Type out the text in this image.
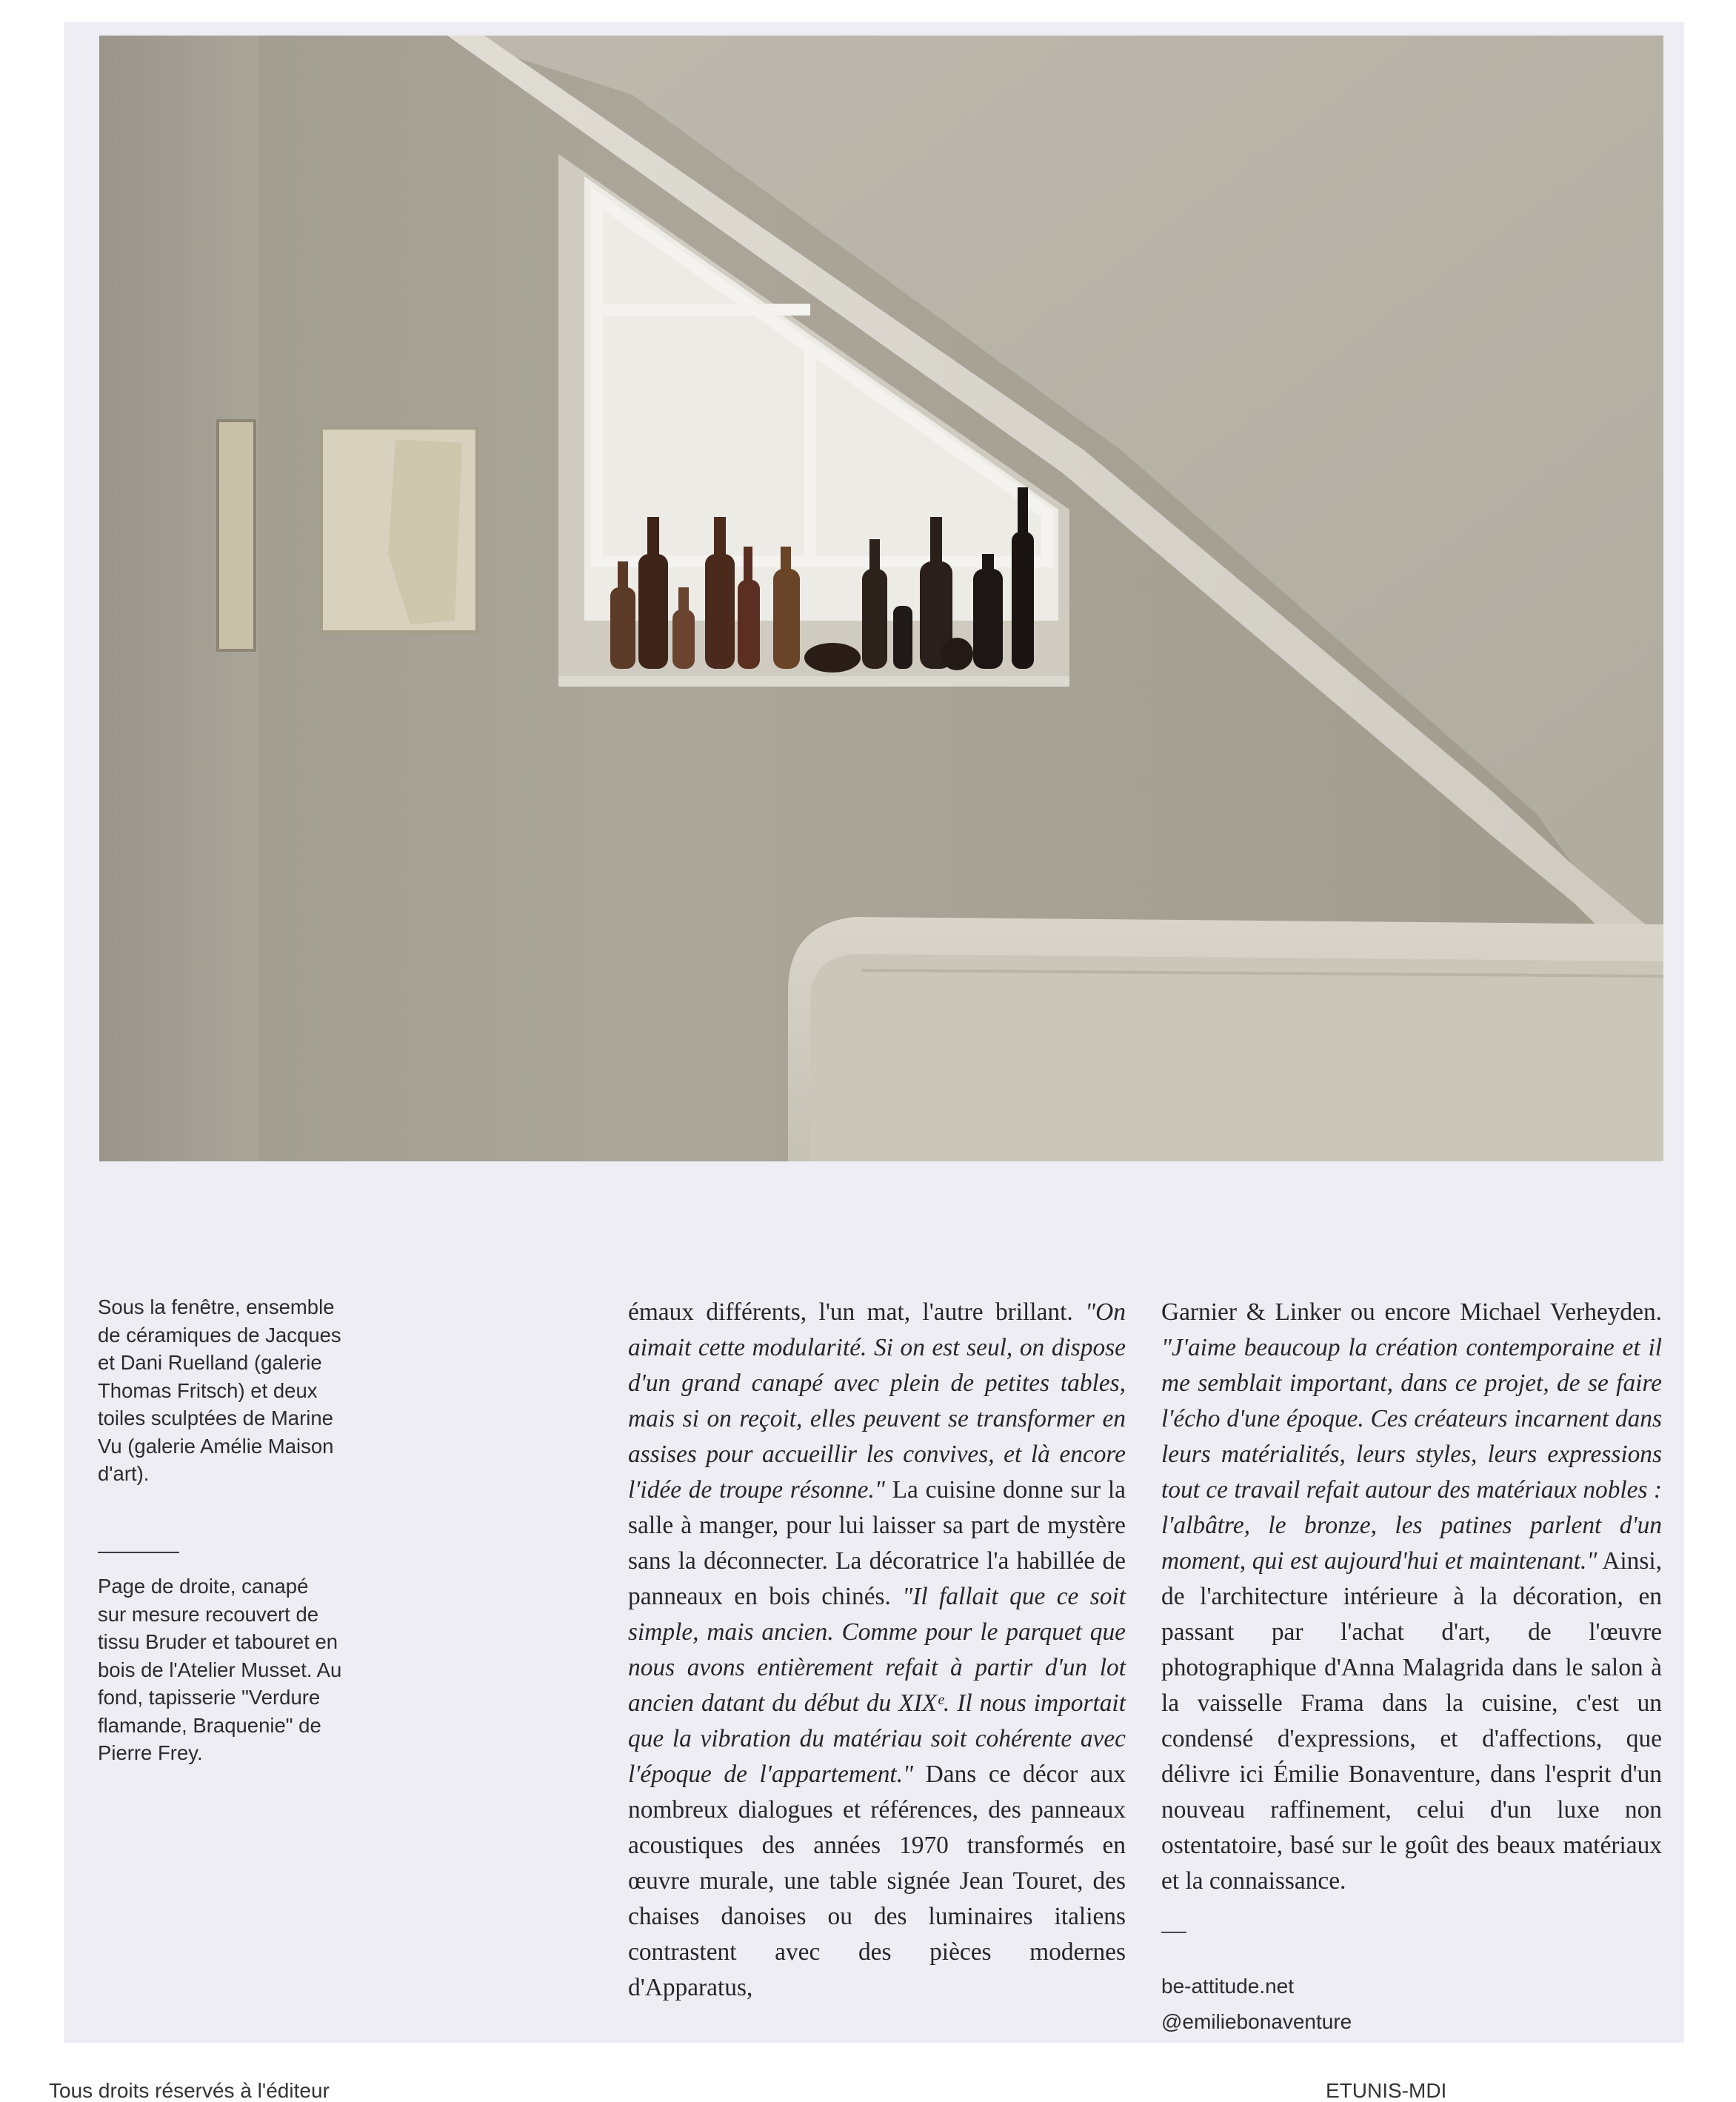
Sous la fenêtre, ensemble de céramiques de Jacques et Dani Ruelland (galerie Thomas Fritsch) et deux toiles sculptées de Marine Vu (galerie Amélie Maison d'art).

Page de droite, canapé sur mesure recouvert de tissu Bruder et tabouret en bois de l'Atelier Musset. Au fond, tapisserie "Verdure flamande, Braquenie" de Pierre Frey.

émaux différents, l'un mat, l'autre brillant. "On aimait cette modularité. Si on est seul, on dispose d'un grand canapé avec plein de petites tables, mais si on reçoit, elles peuvent se transformer en assises pour accueillir les convives, et là encore l'idée de troupe résonne." La cuisine donne sur la salle à manger, pour lui laisser sa part de mystère sans la déconnecter. La décoratrice l'a habillée de panneaux en bois chinés. "Il fallait que ce soit simple, mais ancien. Comme pour le parquet que nous avons entièrement refait à partir d'un lot ancien datant du début du XIXᵉ. Il nous importait que la vibration du matériau soit cohérente avec l'époque de l'appartement." Dans ce décor aux nombreux dialogues et références, des panneaux acoustiques des années 1970 transformés en œuvre murale, une table signée Jean Touret, des chaises danoises ou des luminaires italiens contrastent avec des pièces modernes d'Apparatus,

Garnier & Linker ou encore Michael Verheyden. "J'aime beaucoup la création contemporaine et il me semblait important, dans ce projet, de se faire l'écho d'une époque. Ces créateurs incarnent dans leurs matérialités, leurs styles, leurs expressions tout ce travail refait autour des matériaux nobles : l'albâtre, le bronze, les patines parlent d'un moment, qui est aujourd'hui et maintenant." Ainsi, de l'architecture intérieure à la décoration, en passant par l'achat d'art, de l'œuvre photographique d'Anna Malagrida dans le salon à la vaisselle Frama dans la cuisine, c'est un condensé d'expressions, et d'affections, que délivre ici Émilie Bonaventure, dans l'esprit d'un nouveau raffinement, celui d'un luxe non ostentatoire, basé sur le goût des beaux matériaux et la connaissance.

be-attitude.net
@emiliebonaventure
Tous droits réservés à l'éditeur	ETUNIS-MDI
